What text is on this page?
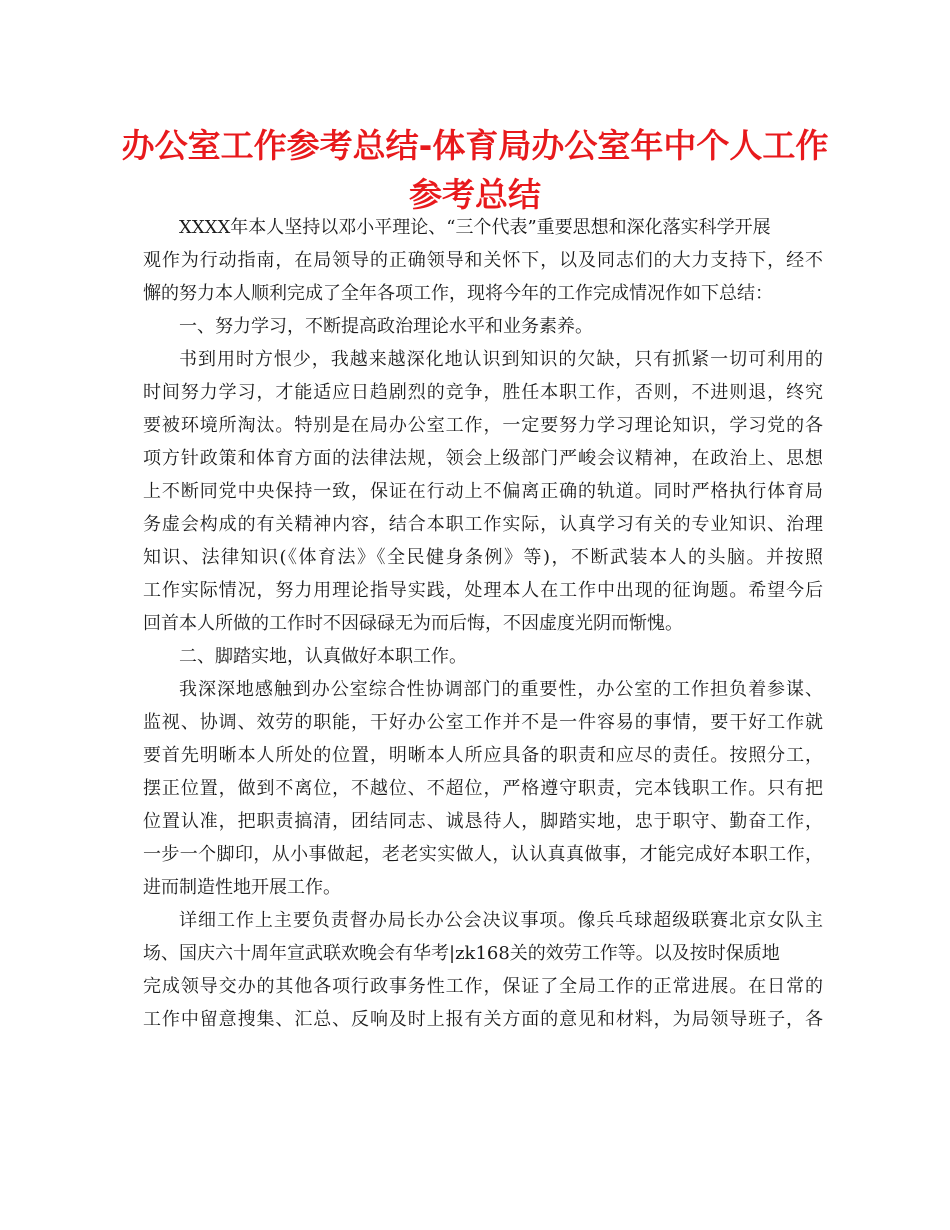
办公室工作参考总结-体育局办公室年中个人工作
参考总结
XXXX年本人坚持以邓小平理论、“三个代表”重要思想和深化落实科学开展
观作为行动指南，在局领导的正确领导和关怀下，以及同志们的大力支持下，经不
懈的努力本人顺利完成了全年各项工作，现将今年的工作完成情况作如下总结：
一、努力学习，不断提高政治理论水平和业务素养。
书到用时方恨少，我越来越深化地认识到知识的欠缺，只有抓紧一切可利用的
时间努力学习，才能适应日趋剧烈的竞争，胜任本职工作，否则，不进则退，终究
要被环境所淘汰。特别是在局办公室工作，一定要努力学习理论知识，学习党的各
项方针政策和体育方面的法律法规，领会上级部门严峻会议精神，在政治上、思想
上不断同党中央保持一致，保证在行动上不偏离正确的轨道。同时严格执行体育局
务虚会构成的有关精神内容，结合本职工作实际，认真学习有关的专业知识、治理
知识、法律知识(《体育法》《全民健身条例》等)，不断武装本人的头脑。并按照
工作实际情况，努力用理论指导实践，处理本人在工作中出现的征询题。希望今后
回首本人所做的工作时不因碌碌无为而后悔，不因虚度光阴而惭愧。
二、脚踏实地，认真做好本职工作。
我深深地感触到办公室综合性协调部门的重要性，办公室的工作担负着参谋、
监视、协调、效劳的职能，干好办公室工作并不是一件容易的事情，要干好工作就
要首先明晰本人所处的位置，明晰本人所应具备的职责和应尽的责任。按照分工，
摆正位置，做到不离位，不越位、不超位，严格遵守职责，完本钱职工作。只有把
位置认准，把职责搞清，团结同志、诚恳待人，脚踏实地，忠于职守、勤奋工作，
一步一个脚印，从小事做起，老老实实做人，认认真真做事，才能完成好本职工作，
进而制造性地开展工作。
详细工作上主要负责督办局长办公会决议事项。像兵乓球超级联赛北京女队主
场、国庆六十周年宣武联欢晚会有华考|zk168关的效劳工作等。以及按时保质地
完成领导交办的其他各项行政事务性工作，保证了全局工作的正常进展。在日常的
工作中留意搜集、汇总、反响及时上报有关方面的意见和材料，为局领导班子，各
